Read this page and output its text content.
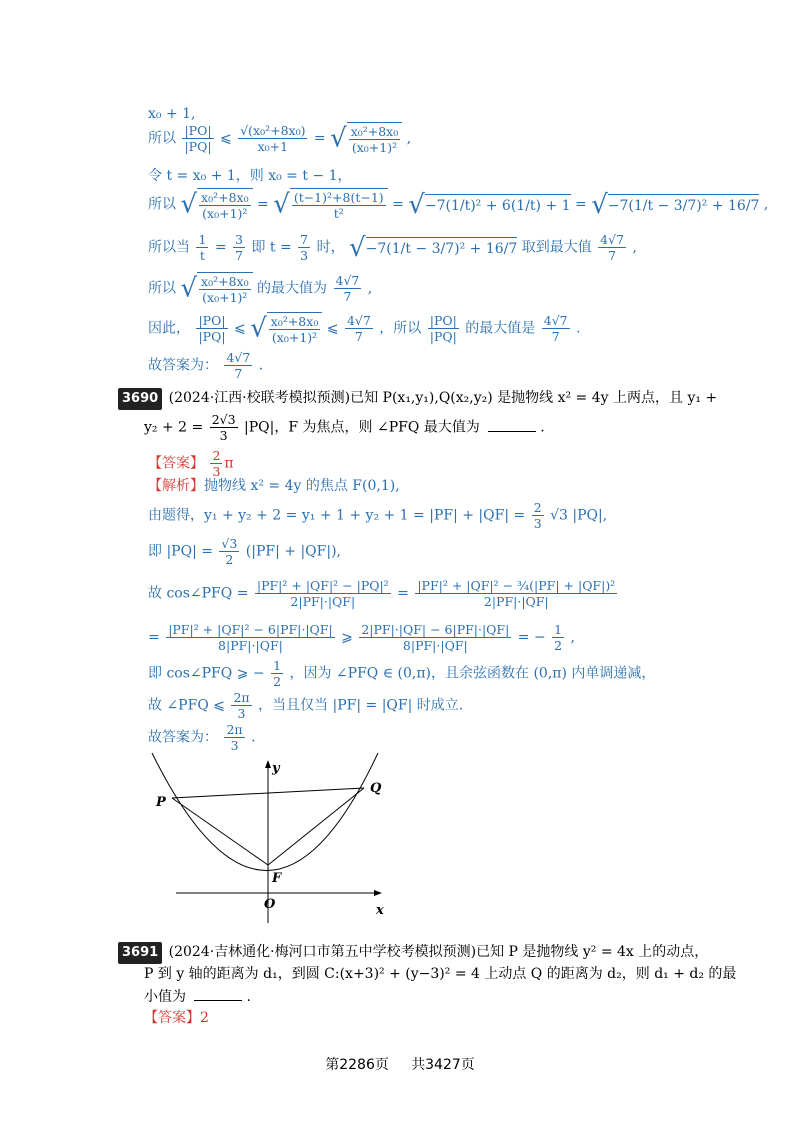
x₀ + 1,
所以 $\frac{|PO|}{|PQ|}$ ⩽ $\frac{\text{√(x₀²+8x₀)}}{\text{x₀+1}}$ = √ $\frac{\text{x₀²+8x₀}}{\text{(x₀+1)²}}$ ,
令 t = x₀ + 1，则 x₀ = t − 1，
所以 √ $\frac{\text{x₀²+8x₀}}{\text{(x₀+1)²}}$ = √ $\frac{\text{(t−1)²+8(t−1)}}{\text{t²}} = √-7(1/t)^2 + 6(1/t) + 1 = √-7(1/t - 3/7)^2 + 16/7$ ,
所以当 $\frac{1}{t} = \frac{3}{7}$ 即 $t = \frac{7}{3}$ 时， √−7(1/t − 3/7)² + 16/7 取到最大值 $\frac{4√7}{7}$ ,
所以 √ $\frac{\text{x₀²+8x₀}}{\text{(x₀+1)²}}$ 的最大值为 $\frac{4√7}{7}$ ,
因此， $\frac{|PO|}{|PQ|}$ ⩽ √ $\frac{\text{x₀²+8x₀}}{\text{(x₀+1)²}}$ ⩽ $\frac{4√7}{7}$ ，所以 $\frac{|PO|}{|PQ|}$ 的最大值是 $\frac{4√7}{7}$ .
故答案为： $\frac{4√7}{7}$ .
3690 (2024·江西·校联考模拟预测)已知 P(x₁,y₁),Q(x₂,y₂) 是抛物线 x² = 4y 上两点，且 y₁ +
$y_2 + 2 = \frac{2√3}{3} |PQ|$，F 为焦点，则 ∠PFQ 最大值为	.
【答案】 $\frac{2}{3}$ π
【解析】抛物线 x² = 4y 的焦点 F(0,1),
由题得，$y_1 + y_2 + 2 = y_1 + 1 + y_2 + 1 = |PF| + |QF| = \frac{2}{3} √3$ |PQ|,
即 $|PQ| = \frac{√3}{2} (|PF| + |QF|)$,
故 cos∠PFQ = $\frac{\text{|PF|² + |QF|² − |PQ|²}}{2|PF|\cdot|QF|} = \frac{\text{|PF|² + |QF|² − ¾(|PF| + |QF|)²}}{2|PF|\cdot|QF|}$
= $\frac{\text{|PF|² + |QF|² − 6|PF|·|QF|}}{8|PF|\cdot|QF|}$ ⩾ $\frac{2|PF|\cdot|QF| - 6|PF|\cdot|QF|}{8|PF|\cdot|QF|}$ = − $\frac{1}{2}$ ,
即 cos∠PFQ ⩾ − $\frac{1}{2}$ ，因为 ∠PFQ ∈ (0,π)，且余弦函数在 (0,π) 内单调递减，
故 ∠PFQ ⩽ $\frac{2\pi}{3}$ ，当且仅当 |PF| = |QF| 时成立.
故答案为： $\frac{2\pi}{3}$ .
P
Q
F
O	x
y
3691 (2024·吉林通化·梅河口市第五中学校考模拟预测)已知 P 是抛物线 y² = 4x 上的动点，
P 到 y 轴的距离为 d₁，到圆 C:(x+3)² + (y−3)² = 4 上动点 Q 的距离为 d₂，则 d₁ + d₂ 的最
小值为	.
【答案】2
第2286页 共3427页
